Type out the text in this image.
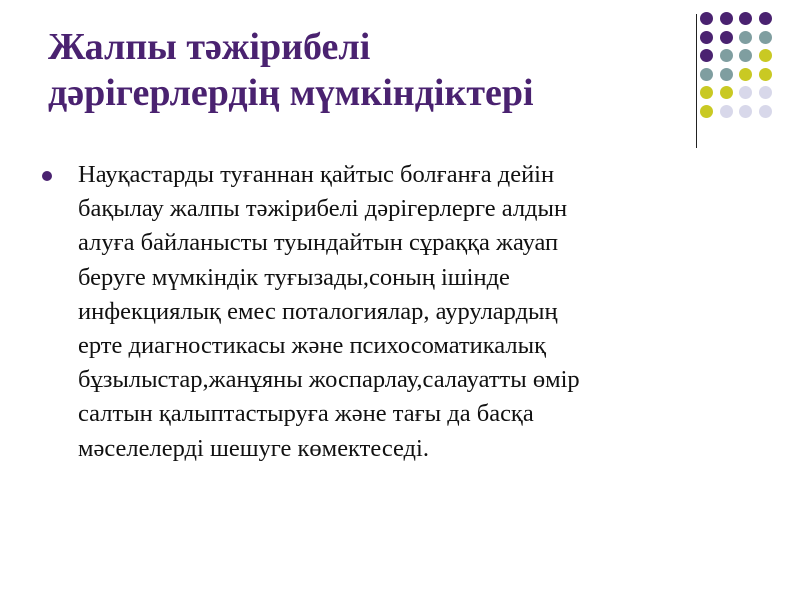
Жалпы тәжірибелі
дәрігерлердің мүмкіндіктері
Науқастарды туғаннан қайтыс болғанға дейін
бақылау жалпы тәжірибелі дәрігерлерге алдын
алуға байланысты туындайтын сұраққа жауап
беруге мүмкіндік туғызады,соның ішінде
инфекциялық емес поталогиялар, аурулардың
ерте диагностикасы және психосоматикалық
бұзылыстар,жанұяны жоспарлау,салауатты өмір
салтын қалыптастыруға және тағы да басқа
мәселелерді шешуге көмектеседі.
